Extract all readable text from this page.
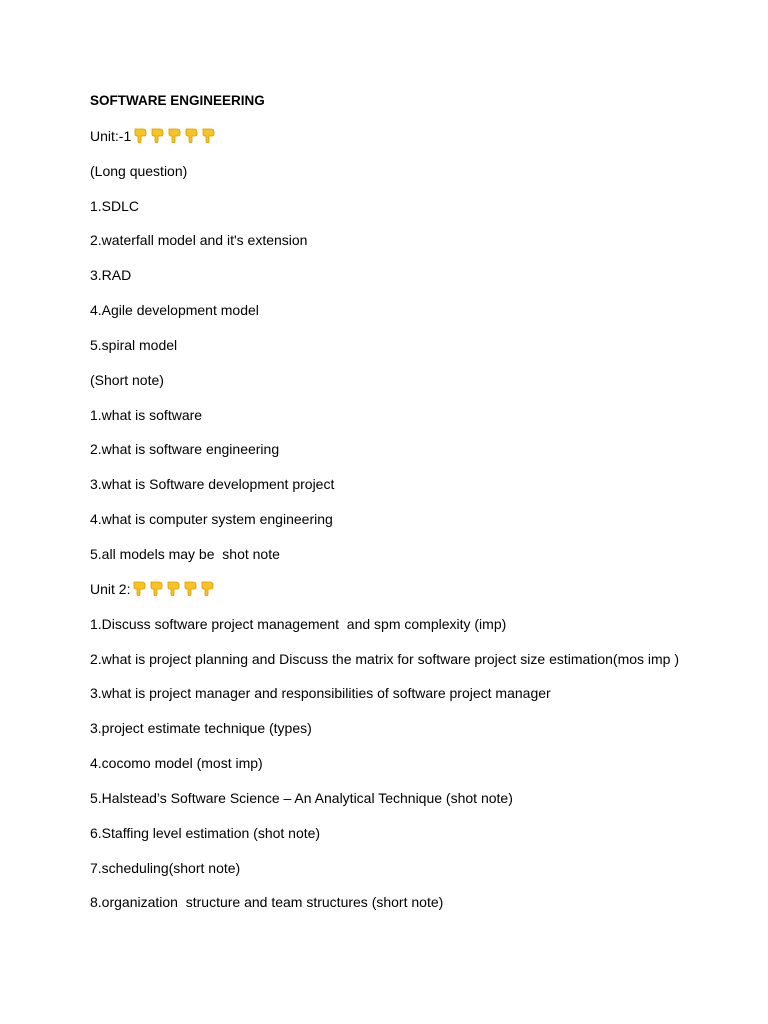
SOFTWARE ENGINEERING
Unit:-1
(Long question)
1.SDLC
2.waterfall model and it's extension
3.RAD
4.Agile development model
5.spiral model
(Short note)
1.what is software
2.what is software engineering
3.what is Software development project
4.what is computer system engineering
5.all models may be  shot note
Unit 2:
1.Discuss software project management  and spm complexity (imp)
2.what is project planning and Discuss the matrix for software project size estimation(mos imp )
3.what is project manager and responsibilities of software project manager
3.project estimate technique (types)
4.cocomo model (most imp)
5.Halstead’s Software Science – An Analytical Technique (shot note)
6.Staffing level estimation (shot note)
7.scheduling(short note)
8.organization  structure and team structures (short note)
